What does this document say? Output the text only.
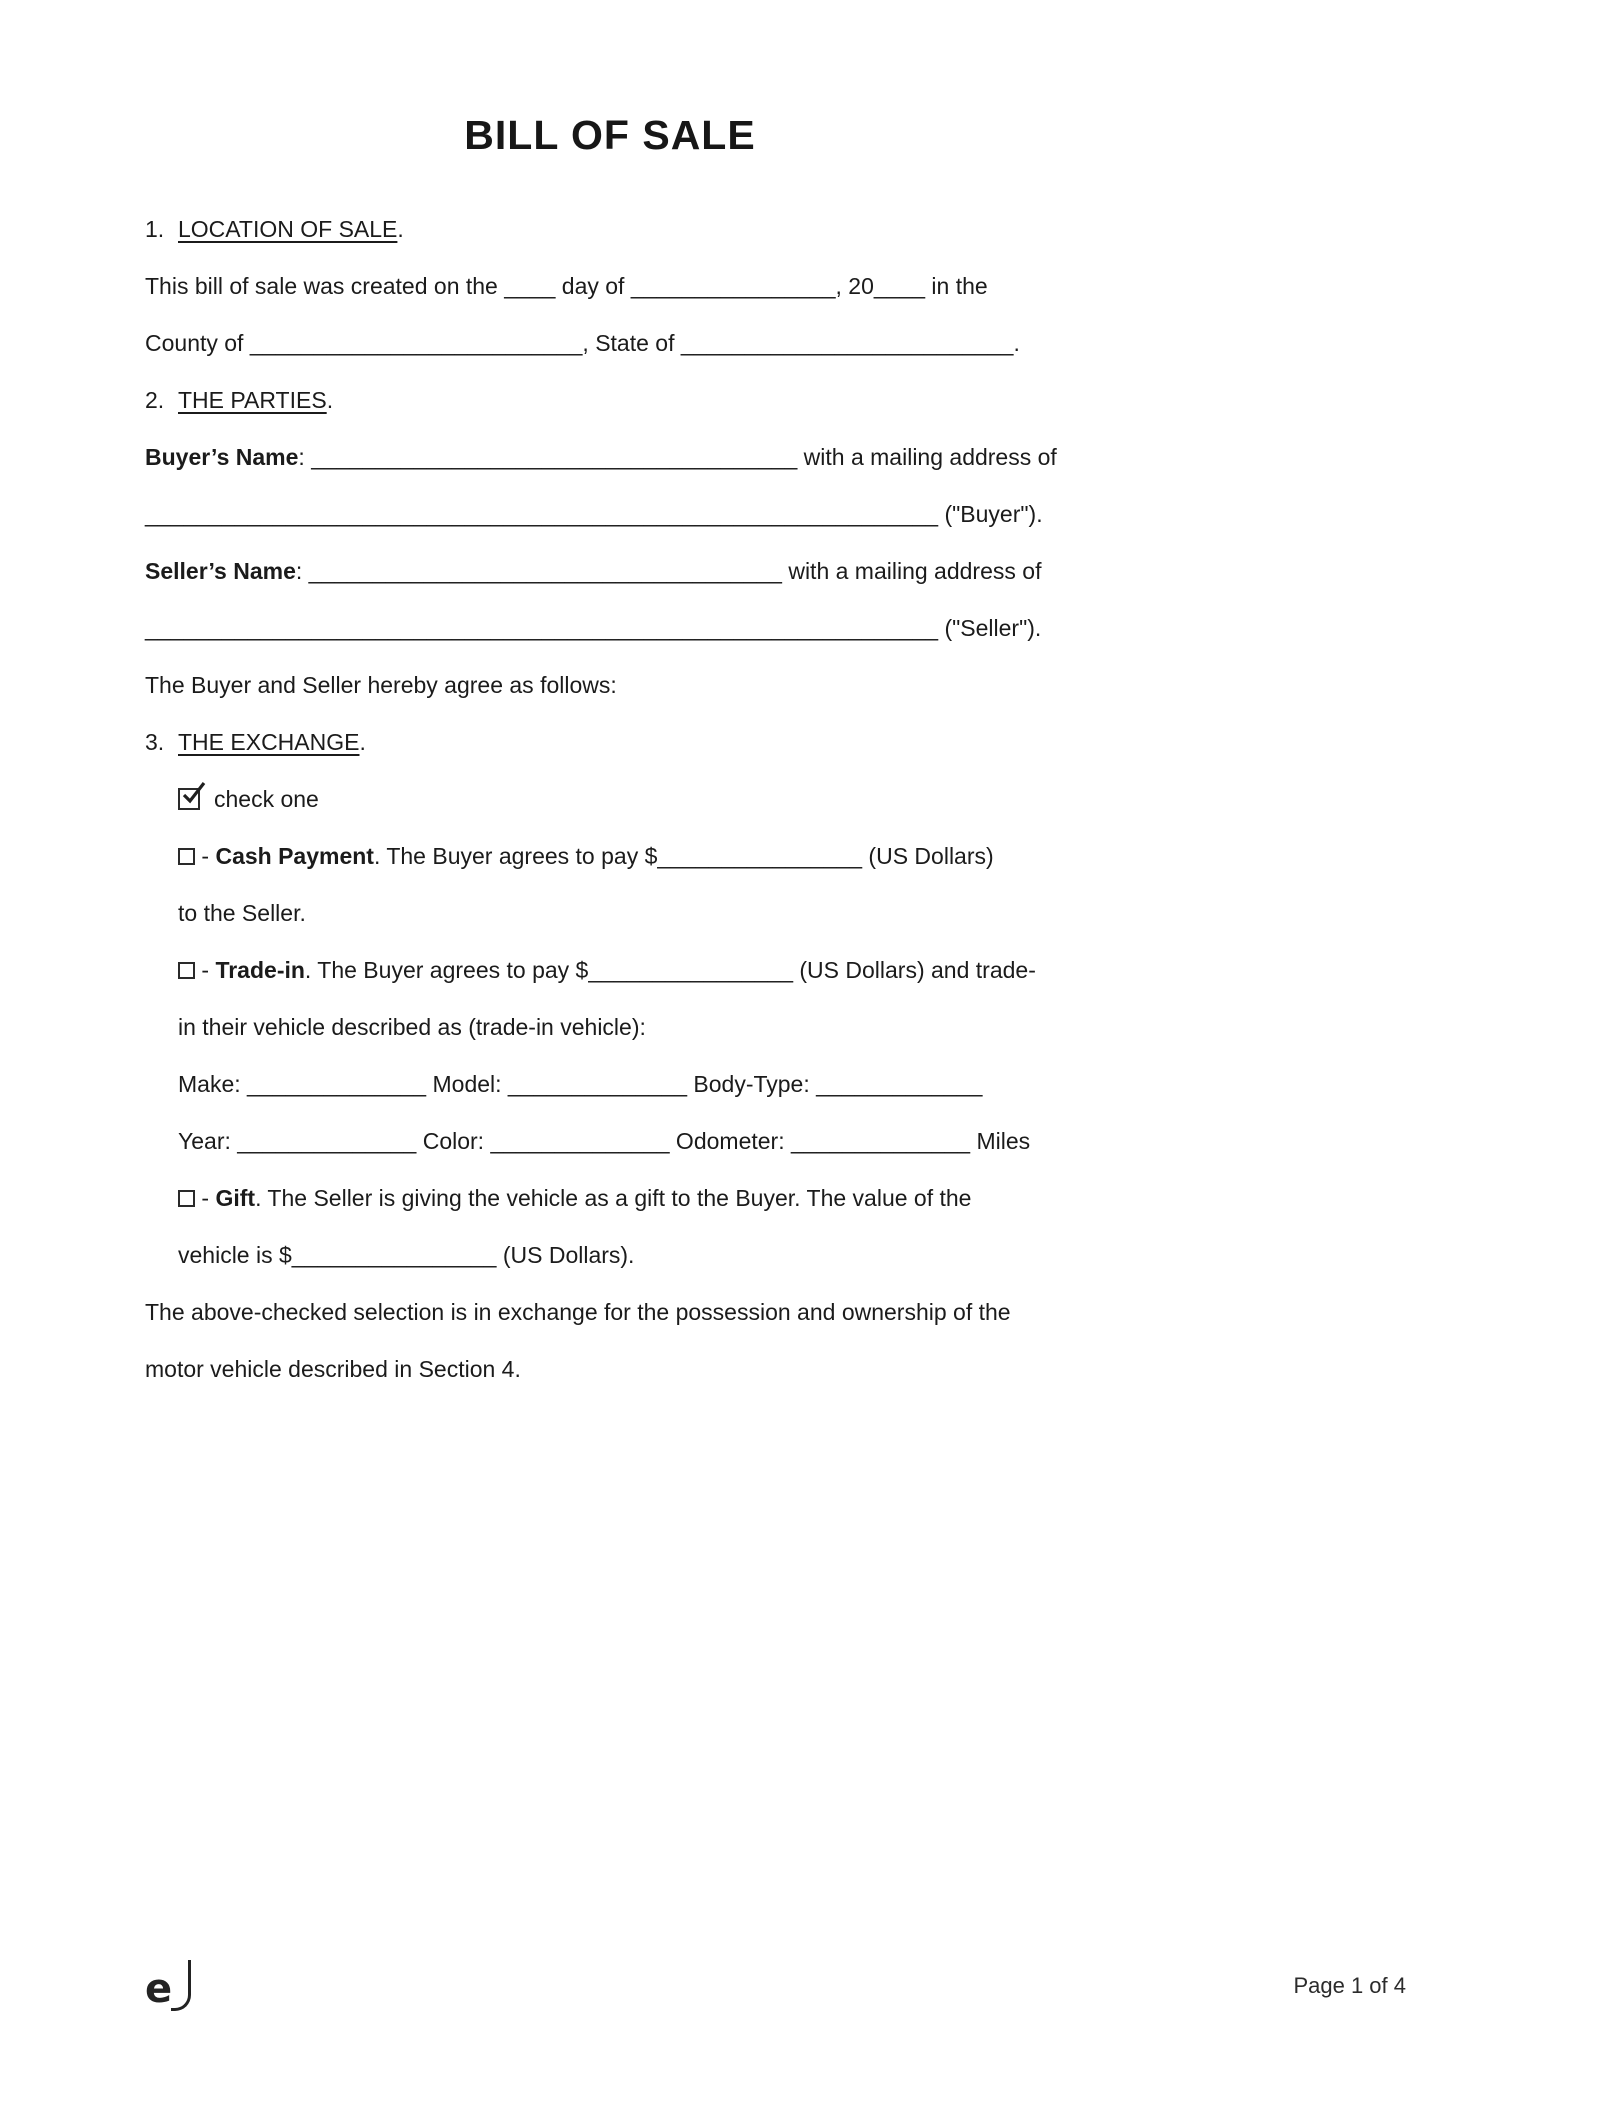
BILL OF SALE
1. LOCATION OF SALE.
This bill of sale was created on the ____ day of ________________, 20____ in the
County of __________________________, State of __________________________.
2. THE PARTIES.
Buyer’s Name: ______________________________________ with a mailing address of
______________________________________________________________ ("Buyer").
Seller’s Name: _____________________________________ with a mailing address of
______________________________________________________________ ("Seller").
The Buyer and Seller hereby agree as follows:
3. THE EXCHANGE.
check one
- Cash Payment. The Buyer agrees to pay $________________ (US Dollars)
to the Seller.
- Trade-in. The Buyer agrees to pay $________________ (US Dollars) and trade-
in their vehicle described as (trade-in vehicle):
Make: ______________ Model: ______________ Body-Type: _____________
Year: ______________ Color: ______________ Odometer: ______________ Miles
- Gift. The Seller is giving the vehicle as a gift to the Buyer. The value of the
vehicle is $________________ (US Dollars).
The above-checked selection is in exchange for the possession and ownership of the
motor vehicle described in Section 4.
e	Page 1 of 4
